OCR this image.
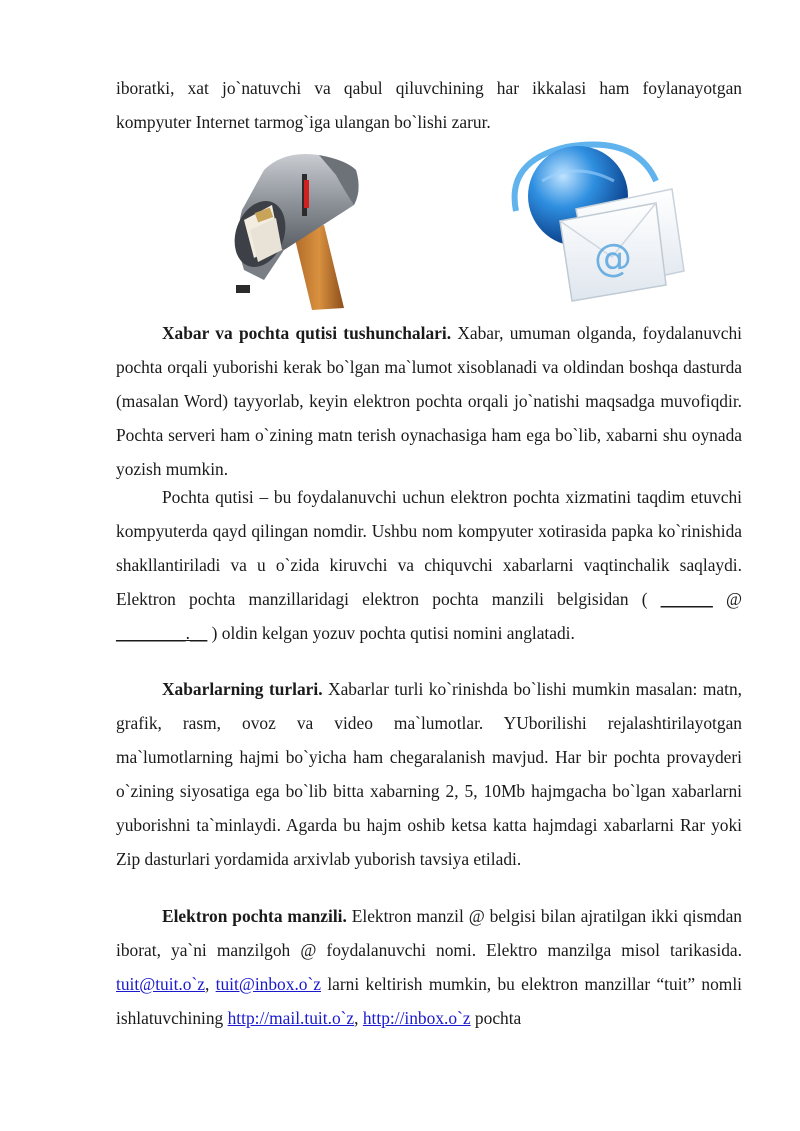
iboratki, xat jo`natuvchi va qabul qiluvchining har ikkalasi ham foylanayotgan kompyuter Internet tarmog`iga ulangan bo`lishi zarur.

@

Xabar va pochta qutisi tushunchalari. Xabar, umuman olganda, foydalanuvchi pochta orqali yuborishi kerak bo`lgan ma`lumot xisoblanadi va oldindan boshqa dasturda (masalan Word) tayyorlab, keyin elektron pochta orqali jo`natishi maqsadga muvofiqdir. Pochta serveri ham o`zining matn terish oynachasiga ham ega bo`lib, xabarni shu oynada yozish mumkin.

Pochta qutisi – bu foydalanuvchi uchun elektron pochta xizmatini taqdim etuvchi kompyuterda qayd qilingan nomdir. Ushbu nom kompyuter xotirasida papka ko`rinishida shakllantiriladi va u o`zida kiruvchi va chiquvchi xabarlarni vaqtinchalik saqlaydi. Elektron pochta manzillaridagi elektron pochta manzili belgisidan ( ______ @ ________.__ ) oldin kelgan yozuv pochta qutisi nomini anglatadi.

Xabarlarning turlari. Xabarlar turli ko`rinishda bo`lishi mumkin masalan: matn, grafik, rasm, ovoz va video ma`lumotlar. YUborilishi rejalashtirilayotgan ma`lumotlarning hajmi bo`yicha ham chegaralanish mavjud. Har bir pochta provayderi o`zining siyosatiga ega bo`lib bitta xabarning 2, 5, 10Mb hajmgacha bo`lgan xabarlarni yuborishni ta`minlaydi. Agarda bu hajm oshib ketsa katta hajmdagi xabarlarni Rar yoki Zip dasturlari yordamida arxivlab yuborish tavsiya etiladi.

Elektron pochta manzili. Elektron manzil @ belgisi bilan ajratilgan ikki qismdan iborat, ya`ni manzilgoh @ foydalanuvchi nomi. Elektro manzilga misol tarikasida. tuit@tuit.o`z, tuit@inbox.o`z larni keltirish mumkin, bu elektron manzillar “tuit” nomli ishlatuvchining http://mail.tuit.o`z, http://inbox.o`z pochta
